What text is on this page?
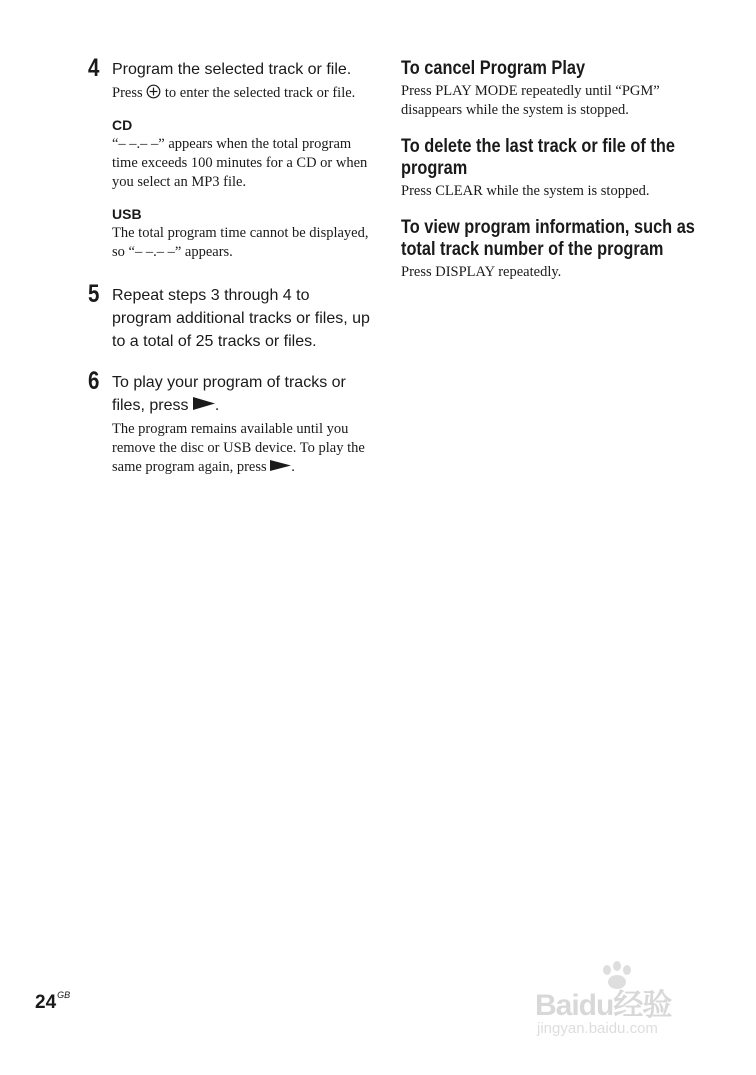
4 Program the selected track or file.

Press to enter the selected track or file.

CD

“– –.– –” appears when the total program time exceeds 100 minutes for a CD or when you select an MP3 file.

USB

The total program time cannot be displayed, so “– –.– –” appears.

5 Repeat steps 3 through 4 to program additional tracks or files, up to a total of 25 tracks or files.

6 To play your program of tracks or files, press .

The program remains available until you remove the disc or USB device. To play the same program again, press .

To cancel Program Play

Press PLAY MODE repeatedly until “PGM” disappears while the system is stopped.

To delete the last track or file of the program

Press CLEAR while the system is stopped.

To view program information, such as total track number of the program

Press DISPLAY repeatedly.

$24^{GB}$	Baidu经验
jingyan.baidu.com
